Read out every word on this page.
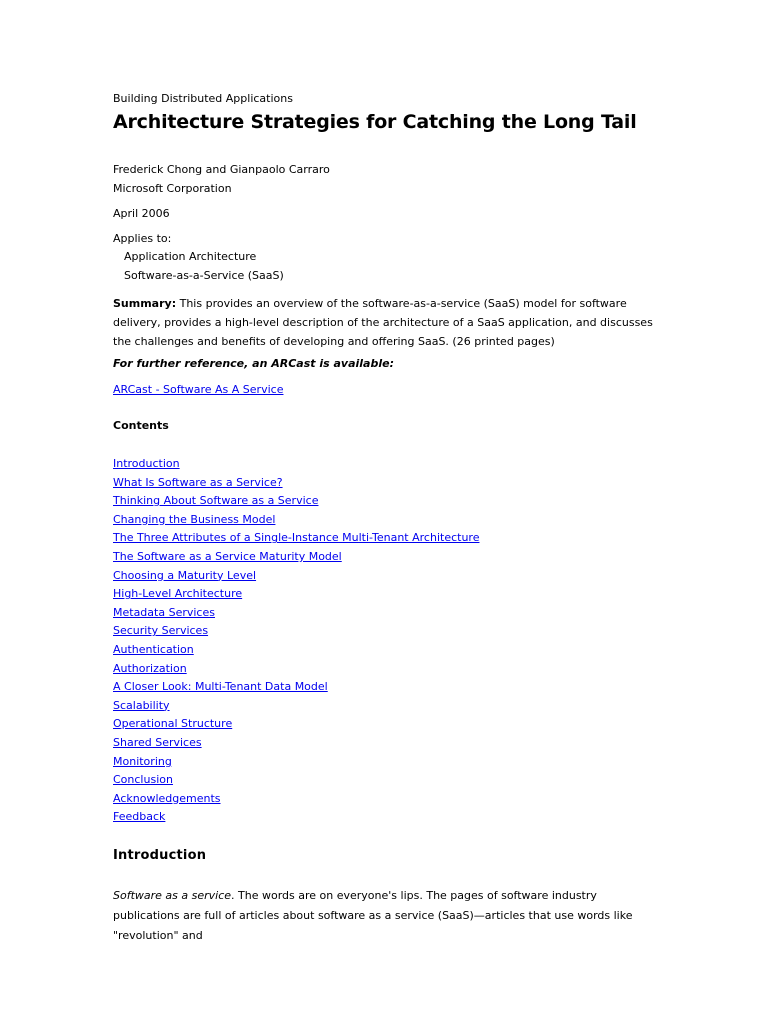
Building Distributed Applications
Architecture Strategies for Catching the Long Tail
Frederick Chong and Gianpaolo Carraro
Microsoft Corporation
April 2006
Applies to:
Application Architecture
Software-as-a-Service (SaaS)
Summary: This provides an overview of the software-as-a-service (SaaS) model for software delivery, provides a high-level description of the architecture of a SaaS application, and discusses the challenges and benefits of developing and offering SaaS. (26 printed pages)
For further reference, an ARCast is available:
ARCast - Software As A Service
Contents
Introduction
What Is Software as a Service?
Thinking About Software as a Service
Changing the Business Model
The Three Attributes of a Single-Instance Multi-Tenant Architecture
The Software as a Service Maturity Model
Choosing a Maturity Level
High-Level Architecture
Metadata Services
Security Services
Authentication
Authorization
A Closer Look: Multi-Tenant Data Model
Scalability
Operational Structure
Shared Services
Monitoring
Conclusion
Acknowledgements
Feedback
Introduction
Software as a service. The words are on everyone's lips. The pages of software industry publications are full of articles about software as a service (SaaS)—articles that use words like "revolution" and
